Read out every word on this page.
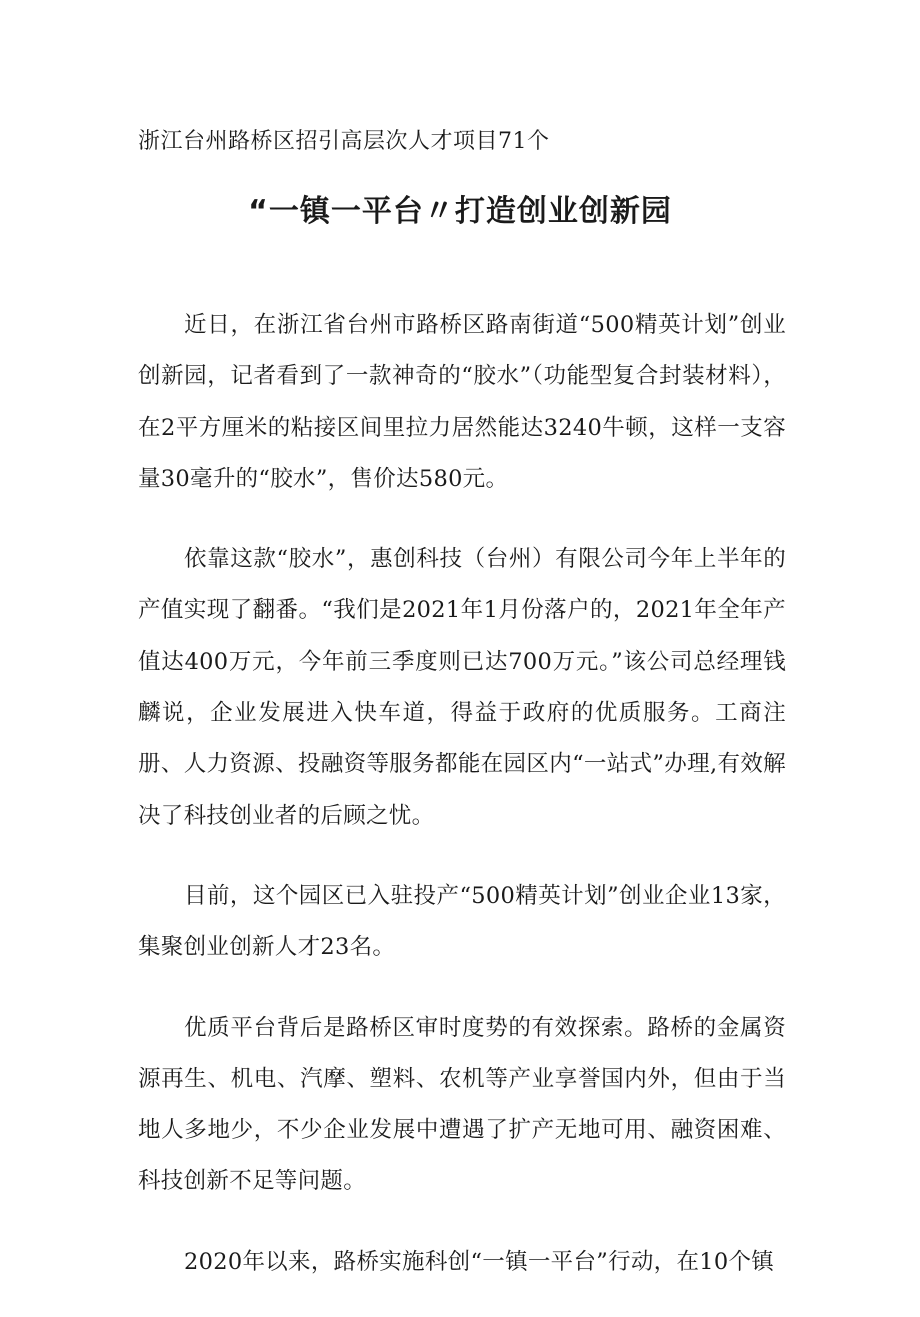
浙江台州路桥区招引高层次人才项目71个
“一镇一平台〃打造创业创新园

近日，在浙江省台州市路桥区路南街道“500精英计划”创业创新园，记者看到了一款神奇的“胶水”（功能型复合封装材料），在2平方厘米的粘接区间里拉力居然能达3240牛顿，这样一支容量30毫升的“胶水”，售价达580元。

依靠这款“胶水”，惠创科技（台州）有限公司今年上半年的产值实现了翻番。“我们是2021年1月份落户的，2021年全年产值达400万元，今年前三季度则已达700万元。”该公司总经理钱麟说，企业发展进入快车道，得益于政府的优质服务。工商注册、人力资源、投融资等服务都能在园区内“一站式”办理,有效解决了科技创业者的后顾之忧。

目前，这个园区已入驻投产“500精英计划”创业企业13家，集聚创业创新人才23名。

优质平台背后是路桥区审时度势的有效探索。路桥的金属资源再生、机电、汽摩、塑料、农机等产业享誉国内外，但由于当地人多地少，不少企业发展中遭遇了扩产无地可用、融资困难、科技创新不足等问题。

2020年以来，路桥实施科创“一镇一平台”行动，在10个镇
